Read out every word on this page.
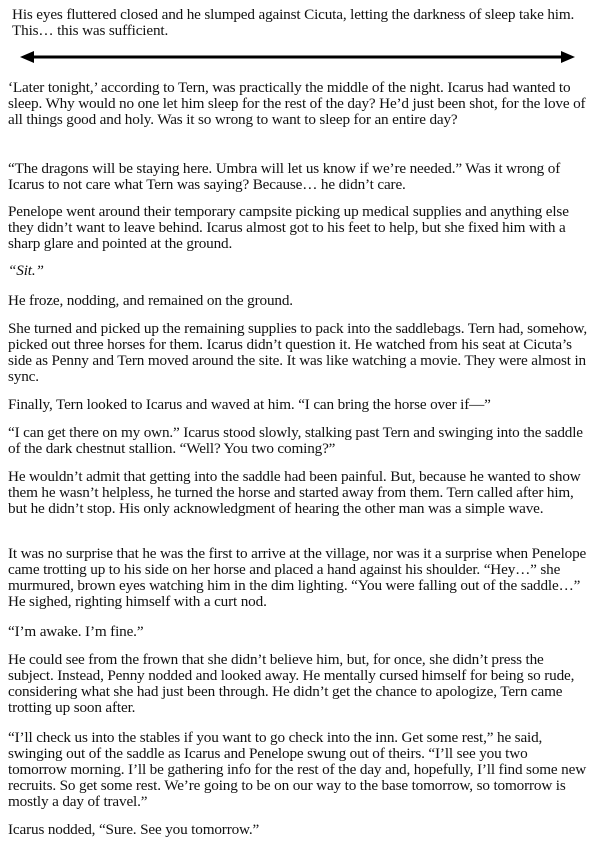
His eyes fluttered closed and he slumped against Cicuta, letting the darkness of sleep take him. This… this was sufficient.

‘Later tonight,’ according to Tern, was practically the middle of the night. Icarus had wanted to sleep. Why would no one let him sleep for the rest of the day? He’d just been shot, for the love of all things good and holy. Was it so wrong to want to sleep for an entire day?

“The dragons will be staying here. Umbra will let us know if we’re needed.” Was it wrong of Icarus to not care what Tern was saying? Because… he didn’t care.

Penelope went around their temporary campsite picking up medical supplies and anything else they didn’t want to leave behind. Icarus almost got to his feet to help, but she fixed him with a sharp glare and pointed at the ground.

“Sit.”

He froze, nodding, and remained on the ground.

She turned and picked up the remaining supplies to pack into the saddlebags. Tern had, somehow, picked out three horses for them. Icarus didn’t question it. He watched from his seat at Cicuta’s side as Penny and Tern moved around the site. It was like watching a movie. They were almost in sync.

Finally, Tern looked to Icarus and waved at him. “I can bring the horse over if—”

“I can get there on my own.” Icarus stood slowly, stalking past Tern and swinging into the saddle of the dark chestnut stallion. “Well? You two coming?”

He wouldn’t admit that getting into the saddle had been painful. But, because he wanted to show them he wasn’t helpless, he turned the horse and started away from them. Tern called after him, but he didn’t stop. His only acknowledgment of hearing the other man was a simple wave.

It was no surprise that he was the first to arrive at the village, nor was it a surprise when Penelope came trotting up to his side on her horse and placed a hand against his shoulder. “Hey…” she murmured, brown eyes watching him in the dim lighting. “You were falling out of the saddle…” He sighed, righting himself with a curt nod.

“I’m awake. I’m fine.”

He could see from the frown that she didn’t believe him, but, for once, she didn’t press the subject. Instead, Penny nodded and looked away. He mentally cursed himself for being so rude, considering what she had just been through. He didn’t get the chance to apologize, Tern came trotting up soon after.

“I’ll check us into the stables if you want to go check into the inn. Get some rest,” he said, swinging out of the saddle as Icarus and Penelope swung out of theirs. “I’ll see you two tomorrow morning. I’ll be gathering info for the rest of the day and, hopefully, I’ll find some new recruits. So get some rest. We’re going to be on our way to the base tomorrow, so tomorrow is mostly a day of travel.”

Icarus nodded, “Sure. See you tomorrow.”
